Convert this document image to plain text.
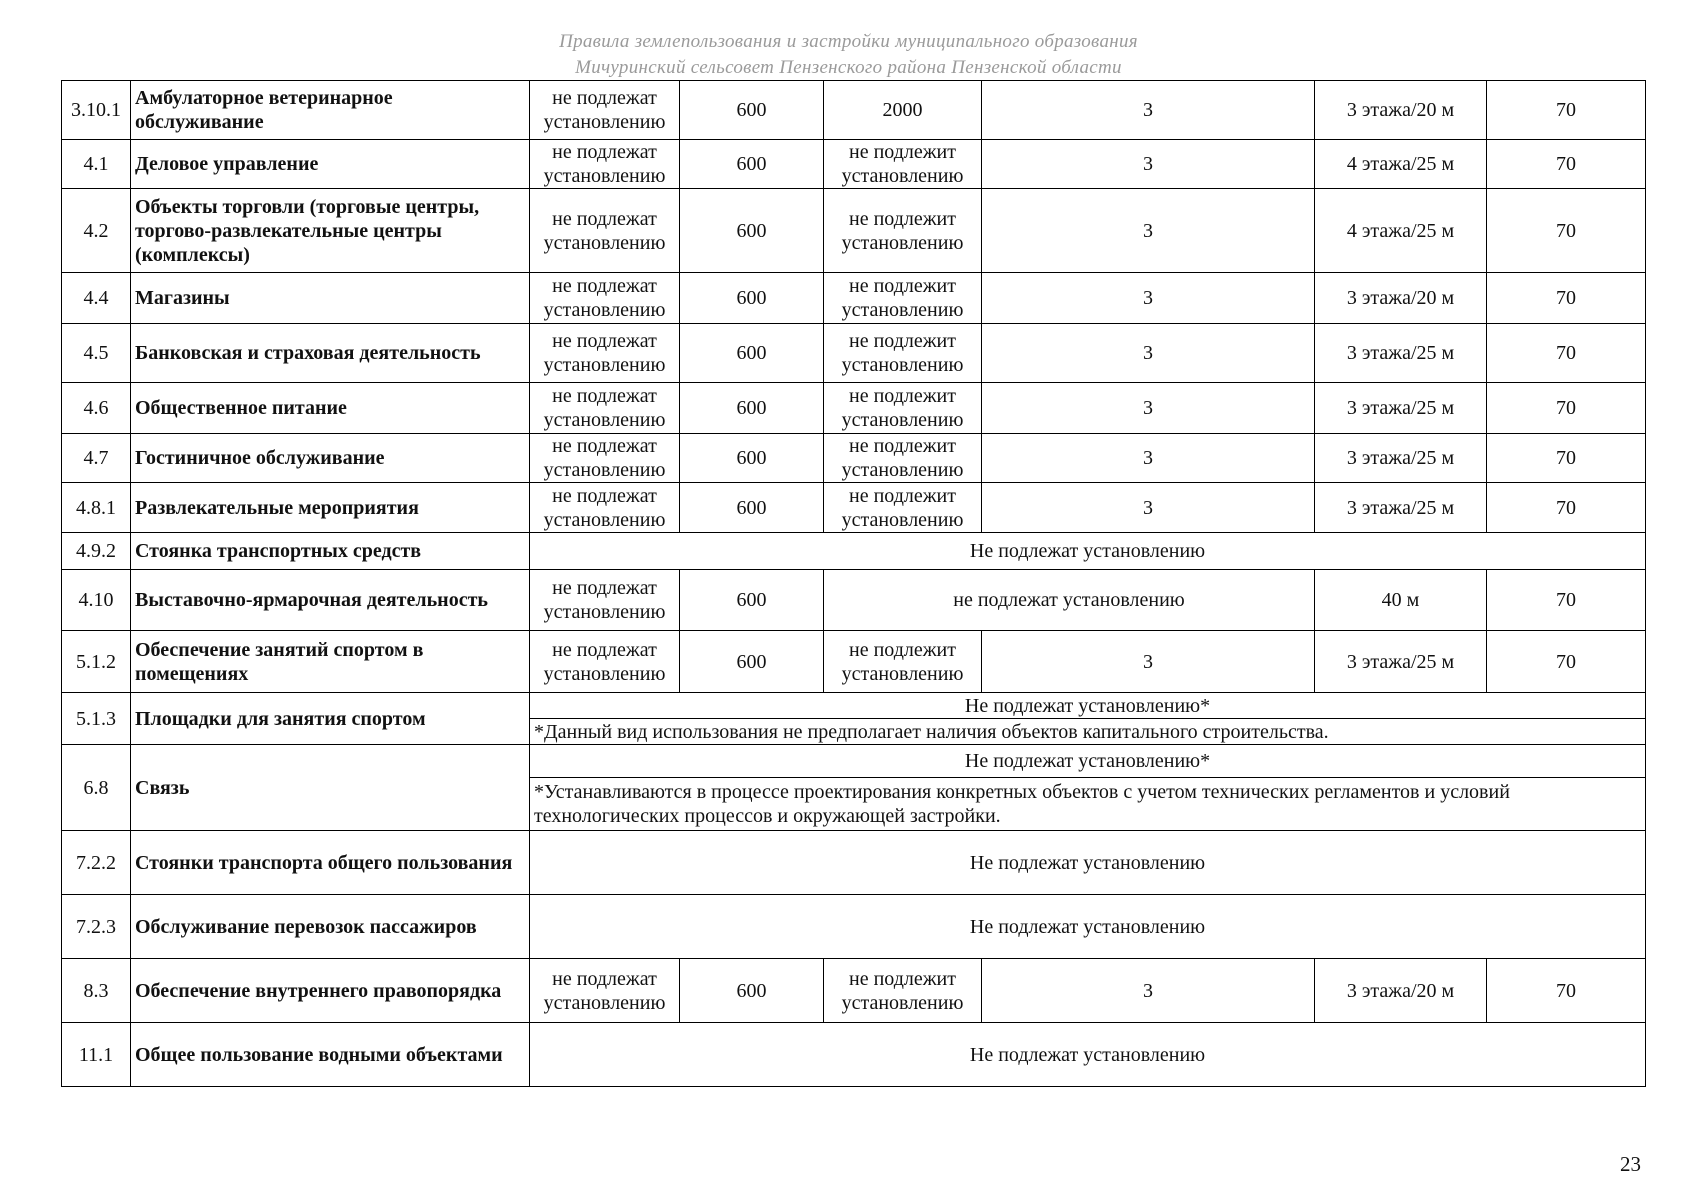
Правила землепользования и застройки муниципального образования
Мичуринский сельсовет Пензенского района Пензенской области
3.10.1	Амбулаторное ветеринарное обслуживание	не подлежат установлению	600	2000	3	3 этажа/20 м	70
4.1	Деловое управление	не подлежат установлению	600	не подлежит установлению	3	4 этажа/25 м	70
4.2	Объекты торговли (торговые центры, торгово-развлекательные центры (комплексы)	не подлежат установлению	600	не подлежит установлению	3	4 этажа/25 м	70
4.4	Магазины	не подлежат установлению	600	не подлежит установлению	3	3 этажа/20 м	70
4.5	Банковская и страховая деятельность	не подлежат установлению	600	не подлежит установлению	3	3 этажа/25 м	70
4.6	Общественное питание	не подлежат установлению	600	не подлежит установлению	3	3 этажа/25 м	70
4.7	Гостиничное обслуживание	не подлежат установлению	600	не подлежит установлению	3	3 этажа/25 м	70
4.8.1	Развлекательные мероприятия	не подлежат установлению	600	не подлежит установлению	3	3 этажа/25 м	70
4.9.2	Стоянка транспортных средств	Не подлежат установлению					
4.10	Выставочно-ярмарочная деятельность	не подлежат установлению	600	не подлежат установлению		40 м	70
5.1.2	Обеспечение занятий спортом в помещениях	не подлежат установлению	600	не подлежит установлению	3	3 этажа/25 м	70
5.1.3	Площадки для занятия спортом	Не подлежат установлению*					
		*Данный вид использования не предполагает наличия объектов капитального строительства.					
6.8	Связь	Не подлежат установлению*					
		*Устанавливаются в процессе проектирования конкретных объектов с учетом технических регламентов и условий технологических процессов и окружающей застройки.					
7.2.2	Стоянки транспорта общего пользования	Не подлежат установлению					
7.2.3	Обслуживание перевозок пассажиров	Не подлежат установлению					
8.3	Обеспечение внутреннего правопорядка	не подлежат установлению	600	не подлежит установлению	3	3 этажа/20 м	70
11.1	Общее пользование водными объектами	Не подлежат установлению					
23
